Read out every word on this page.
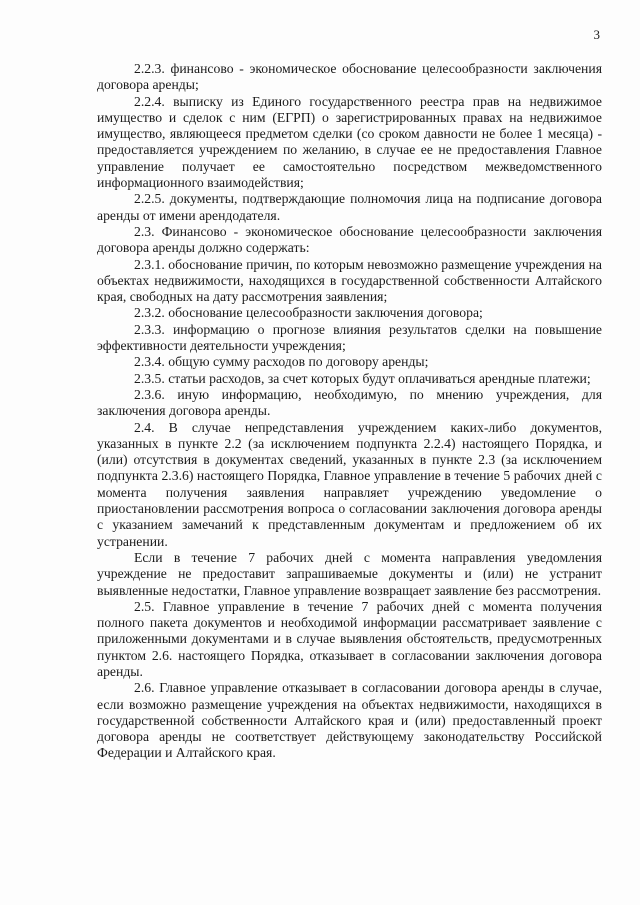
3

2.2.3. финансово - экономическое обоснование целесообразности заключения договора аренды;

2.2.4. выписку из Единого государственного реестра прав на недвижимое имущество и сделок с ним (ЕГРП) о зарегистрированных правах на недвижимое имущество, являющееся предметом сделки (со сроком давности не более 1 месяца) - предоставляется учреждением по желанию, в случае ее не предоставления Главное управление получает ее самостоятельно посредством межведомственного информационного взаимодействия;

2.2.5. документы, подтверждающие полномочия лица на подписание договора аренды от имени арендодателя.

2.3. Финансово - экономическое обоснование целесообразности заключения договора аренды должно содержать:

2.3.1. обоснование причин, по которым невозможно размещение учреждения на объектах недвижимости, находящихся в государственной собственности Алтайского края, свободных на дату рассмотрения заявления;

2.3.2. обоснование целесообразности заключения договора;

2.3.3. информацию о прогнозе влияния результатов сделки на повышение эффективности деятельности учреждения;

2.3.4. общую сумму расходов по договору аренды;

2.3.5. статьи расходов, за счет которых будут оплачиваться арендные платежи;

2.3.6. иную информацию, необходимую, по мнению учреждения, для заключения договора аренды.

2.4. В случае непредставления учреждением каких-либо документов, указанных в пункте 2.2 (за исключением подпункта 2.2.4) настоящего Порядка, и (или) отсутствия в документах сведений, указанных в пункте 2.3 (за исключением подпункта 2.3.6) настоящего Порядка, Главное управление в течение 5 рабочих дней с момента получения заявления направляет учреждению уведомление о приостановлении рассмотрения вопроса о согласовании заключения договора аренды с указанием замечаний к представленным документам и предложением об их устранении.

Если в течение 7 рабочих дней с момента направления уведомления учреждение не предоставит запрашиваемые документы и (или) не устранит выявленные недостатки, Главное управление возвращает заявление без рассмотрения.

2.5. Главное управление в течение 7 рабочих дней с момента получения полного пакета документов и необходимой информации рассматривает заявление с приложенными документами и в случае выявления обстоятельств, предусмотренных пунктом 2.6. настоящего Порядка, отказывает в согласовании заключения договора аренды.

2.6. Главное управление отказывает в согласовании договора аренды в случае, если возможно размещение учреждения на объектах недвижимости, находящихся в государственной собственности Алтайского края и (или) предоставленный проект договора аренды не соответствует действующему законодательству Российской Федерации и Алтайского края.
